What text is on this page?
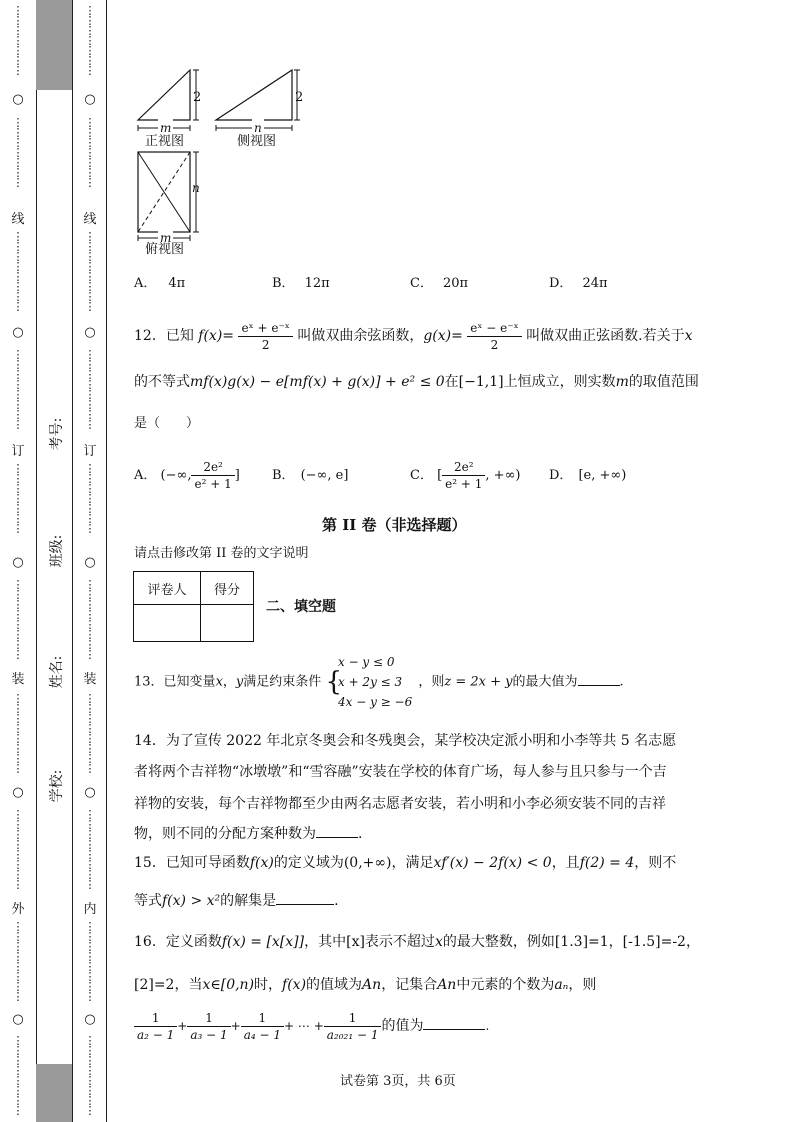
⋮
⋮
⋮
⋮
⋮
⋮
⋮
○
⋮
⋮
⋮
⋮
⋮
⋮
⋮
线
⋮
⋮
⋮
⋮
⋮
⋮
⋮
⋮
○
⋮
⋮
⋮
⋮
⋮
⋮
⋮
⋮
订
⋮
⋮
⋮
⋮
⋮
⋮
⋮
○
⋮
⋮
⋮
⋮
⋮
⋮
⋮
⋮
装
⋮
⋮
⋮
⋮
⋮
⋮
⋮
⋮
○
⋮
⋮
⋮
⋮
⋮
⋮
⋮
⋮
外
⋮
⋮
⋮
⋮
⋮
⋮
⋮
⋮
○
⋮
⋮
⋮
⋮
⋮
⋮
⋮
⋮
考号:
班级:
姓名:
学校:
⋮
⋮
⋮
⋮
⋮
⋮
⋮
○
⋮
⋮
⋮
⋮
⋮
⋮
⋮
线
⋮
⋮
⋮
⋮
⋮
⋮
⋮
⋮
○
⋮
⋮
⋮
⋮
⋮
⋮
⋮
⋮
订
⋮
⋮
⋮
⋮
⋮
⋮
⋮
○
⋮
⋮
⋮
⋮
⋮
⋮
⋮
⋮
装
⋮
⋮
⋮
⋮
⋮
⋮
⋮
⋮
○
⋮
⋮
⋮
⋮
⋮
⋮
⋮
⋮
内
⋮
⋮
⋮
⋮
⋮
⋮
⋮
⋮
○
⋮
⋮
⋮
⋮
⋮
⋮
⋮
⋮
2	2
m	n
正视图	侧视图
n
m
俯视图
A． 4π	B． 12π	C． 20π	D． 24π
12．已知 $f(x)= \frac{\text{eˣ + e⁻ˣ}}{2}$ 叫做双曲余弦函数，$g(x)= \frac{\text{eˣ − e⁻ˣ}}{2}$ 叫做双曲正弦函数.若关于x
的不等式mf(x)g(x) − e[mf(x) + g(x)] + e² ≤ 0在[−1,1]上恒成立，则实数m的取值范围
是（　　）
A． (−∞, $\frac{\text{2e²}}{\text{e² + 1}}$ ] B． (−∞, e]	C． [ $\frac{\text{2e²}}{\text{e² + 1}}$ , +∞) D． [e, +∞)
第 II 卷（非选择题）
请点击修改第 II 卷的文字说明
评卷人	得分

二、填空题
13．已知变量x，y满足约束条件 {x − y ≤ 0
x + 2y ≤ 3
4x − y ≥ −6 ，则z = 2x + y的最大值为	.
14．为了宣传 2022 年北京冬奥会和冬残奥会，某学校决定派小明和小李等共 5 名志愿
者将两个吉祥物“冰墩墩”和“雪容融”安装在学校的体育广场，每人参与且只参与一个吉
祥物的安装，每个吉祥物都至少由两名志愿者安装，若小明和小李必须安装不同的吉祥
物，则不同的分配方案种数为	.
15．已知可导函数f(x)的定义域为(0,+∞)，满足xf′(x) − 2f(x) < 0，且f(2) = 4，则不
等式f(x) > x²的解集是	.
16．定义函数f(x) = [x[x]]，其中[x]表示不超过x的最大整数，例如[1.3]=1，[-1.5]=-2，
[2]=2，当x∈[0,n)时，f(x)的值域为An，记集合An中元素的个数为aₙ，则
$\frac{1}{\text{a₂ − 1}} + \frac{1}{\text{a₃ − 1}} + \frac{1}{\text{a₄ − 1}}$ + ⋯ + $\frac{1}{\text{a₂₀₂₁ − 1}}$ 的值为	.
试卷第 3页，共 6页
